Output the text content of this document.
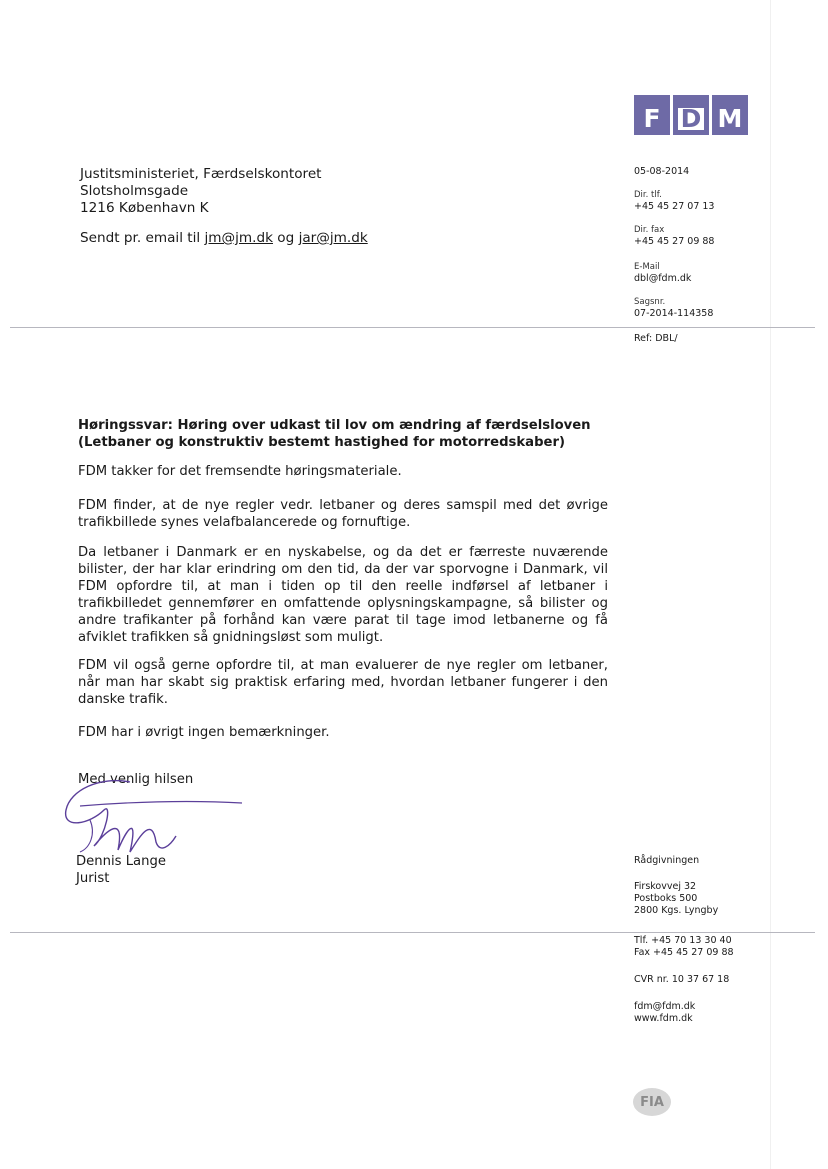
F D M
Justitsministeriet, Færdselskontoret
Slotsholmsgade
1216 København K
Sendt pr. email til jm@jm.dk og jar@jm.dk
05-08-2014
Dir. tlf.
+45 45 27 07 13
Dir. fax
+45 45 27 09 88
E-Mail
dbl@fdm.dk
Sagsnr.
07-2014-114358
Ref: DBL/
Høringssvar: Høring over udkast til lov om ændring af færdselsloven
(Letbaner og konstruktiv bestemt hastighed for motorredskaber)
FDM takker for det fremsendte høringsmateriale.
FDM finder, at de nye regler vedr. letbaner og deres samspil med det øvrige trafikbillede synes velafbalancerede og fornuftige.
Da letbaner i Danmark er en nyskabelse, og da det er færreste nuværende bilister, der har klar erindring om den tid, da der var sporvogne i Danmark, vil FDM opfordre til, at man i tiden op til den reelle indførsel af letbaner i trafikbilledet gennemfører en omfattende oplysningskampagne, så bilister og andre trafikanter på forhånd kan være parat til tage imod letbanerne og få afviklet trafikken så gnidningsløst som muligt.
FDM vil også gerne opfordre til, at man evaluerer de nye regler om letbaner, når man har skabt sig praktisk erfaring med, hvordan letbaner fungerer i den danske trafik.
FDM har i øvrigt ingen bemærkninger.
Med venlig hilsen
Dennis Lange
Jurist
Rådgivningen
Firskovvej 32
Postboks 500
2800 Kgs. Lyngby
Tlf. +45 70 13 30 40
Fax +45 45 27 09 88
CVR nr. 10 37 67 18
fdm@fdm.dk
www.fdm.dk
FIA
